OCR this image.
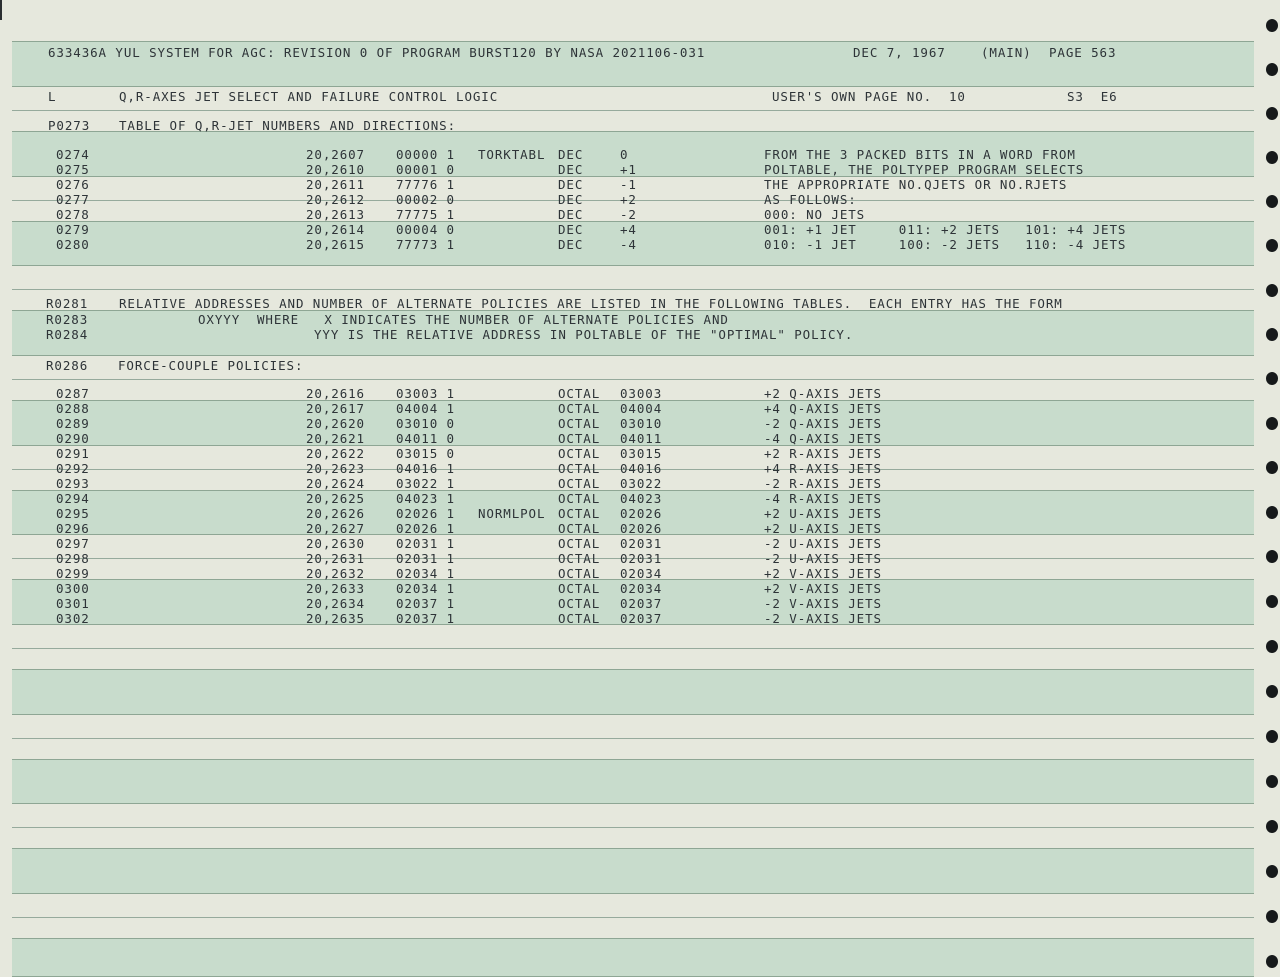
633436A YUL SYSTEM FOR AGC: REVISION 0 OF PROGRAM BURST120 BY NASA 2021106-031

	DEC 7, 1967

	(MAIN)

PAGE 563

L

	Q,R-AXES JET SELECT AND FAILURE CONTROL LOGIC

	USER'S OWN PAGE NO.  10

	S3  E6

P0273

TABLE OF Q,R-JET NUMBERS AND DIRECTIONS:

0274	20,2607 00000 1 TORKTABL DEC	0	FROM THE 3 PACKED BITS IN A WORD FROM
0275	20,2610 00001 0	DEC	+1	POLTABLE, THE POLTYPEP PROGRAM SELECTS
0276	20,2611 77776 1	DEC	-1	THE APPROPRIATE NO.QJETS OR NO.RJETS
0277	20,2612 00002 0	DEC	+2	AS FOLLOWS:
0278	20,2613 77775 1	DEC	-2	000: NO JETS
0279	20,2614 00004 0	DEC	+4	001: +1 JET     011: +2 JETS   101: +4 JETS
0280	20,2615 77773 1	DEC	-4	010: -1 JET     100: -2 JETS   110: -4 JETS

R0281

RELATIVE ADDRESSES AND NUMBER OF ALTERNATE POLICIES ARE LISTED IN THE FOLLOWING TABLES.  EACH ENTRY HAS THE FORM

R0283

	OXYYY  WHERE   X INDICATES THE NUMBER OF ALTERNATE POLICIES AND

R0284

	YYY IS THE RELATIVE ADDRESS IN POLTABLE OF THE "OPTIMAL" POLICY.

R0286

FORCE-COUPLE POLICIES:

0287	20,2616 03003 1	OCTAL 03003	+2 Q-AXIS JETS
0288	20,2617 04004 1	OCTAL 04004	+4 Q-AXIS JETS
0289	20,2620 03010 0	OCTAL 03010	-2 Q-AXIS JETS
0290	20,2621 04011 0	OCTAL 04011	-4 Q-AXIS JETS
0291	20,2622 03015 0	OCTAL 03015	+2 R-AXIS JETS
0292	20,2623 04016 1	OCTAL 04016	+4 R-AXIS JETS
0293	20,2624 03022 1	OCTAL 03022	-2 R-AXIS JETS
0294	20,2625 04023 1	OCTAL 04023	-4 R-AXIS JETS
0295	20,2626 02026 1 NORMLPOL OCTAL 02026	+2 U-AXIS JETS
0296	20,2627 02026 1	OCTAL 02026	+2 U-AXIS JETS
0297	20,2630 02031 1	OCTAL 02031	-2 U-AXIS JETS
0298	20,2631 02031 1	OCTAL 02031	-2 U-AXIS JETS
0299	20,2632 02034 1	OCTAL 02034	+2 V-AXIS JETS
0300	20,2633 02034 1	OCTAL 02034	+2 V-AXIS JETS
0301	20,2634 02037 1	OCTAL 02037	-2 V-AXIS JETS
0302	20,2635 02037 1	OCTAL 02037	-2 V-AXIS JETS
